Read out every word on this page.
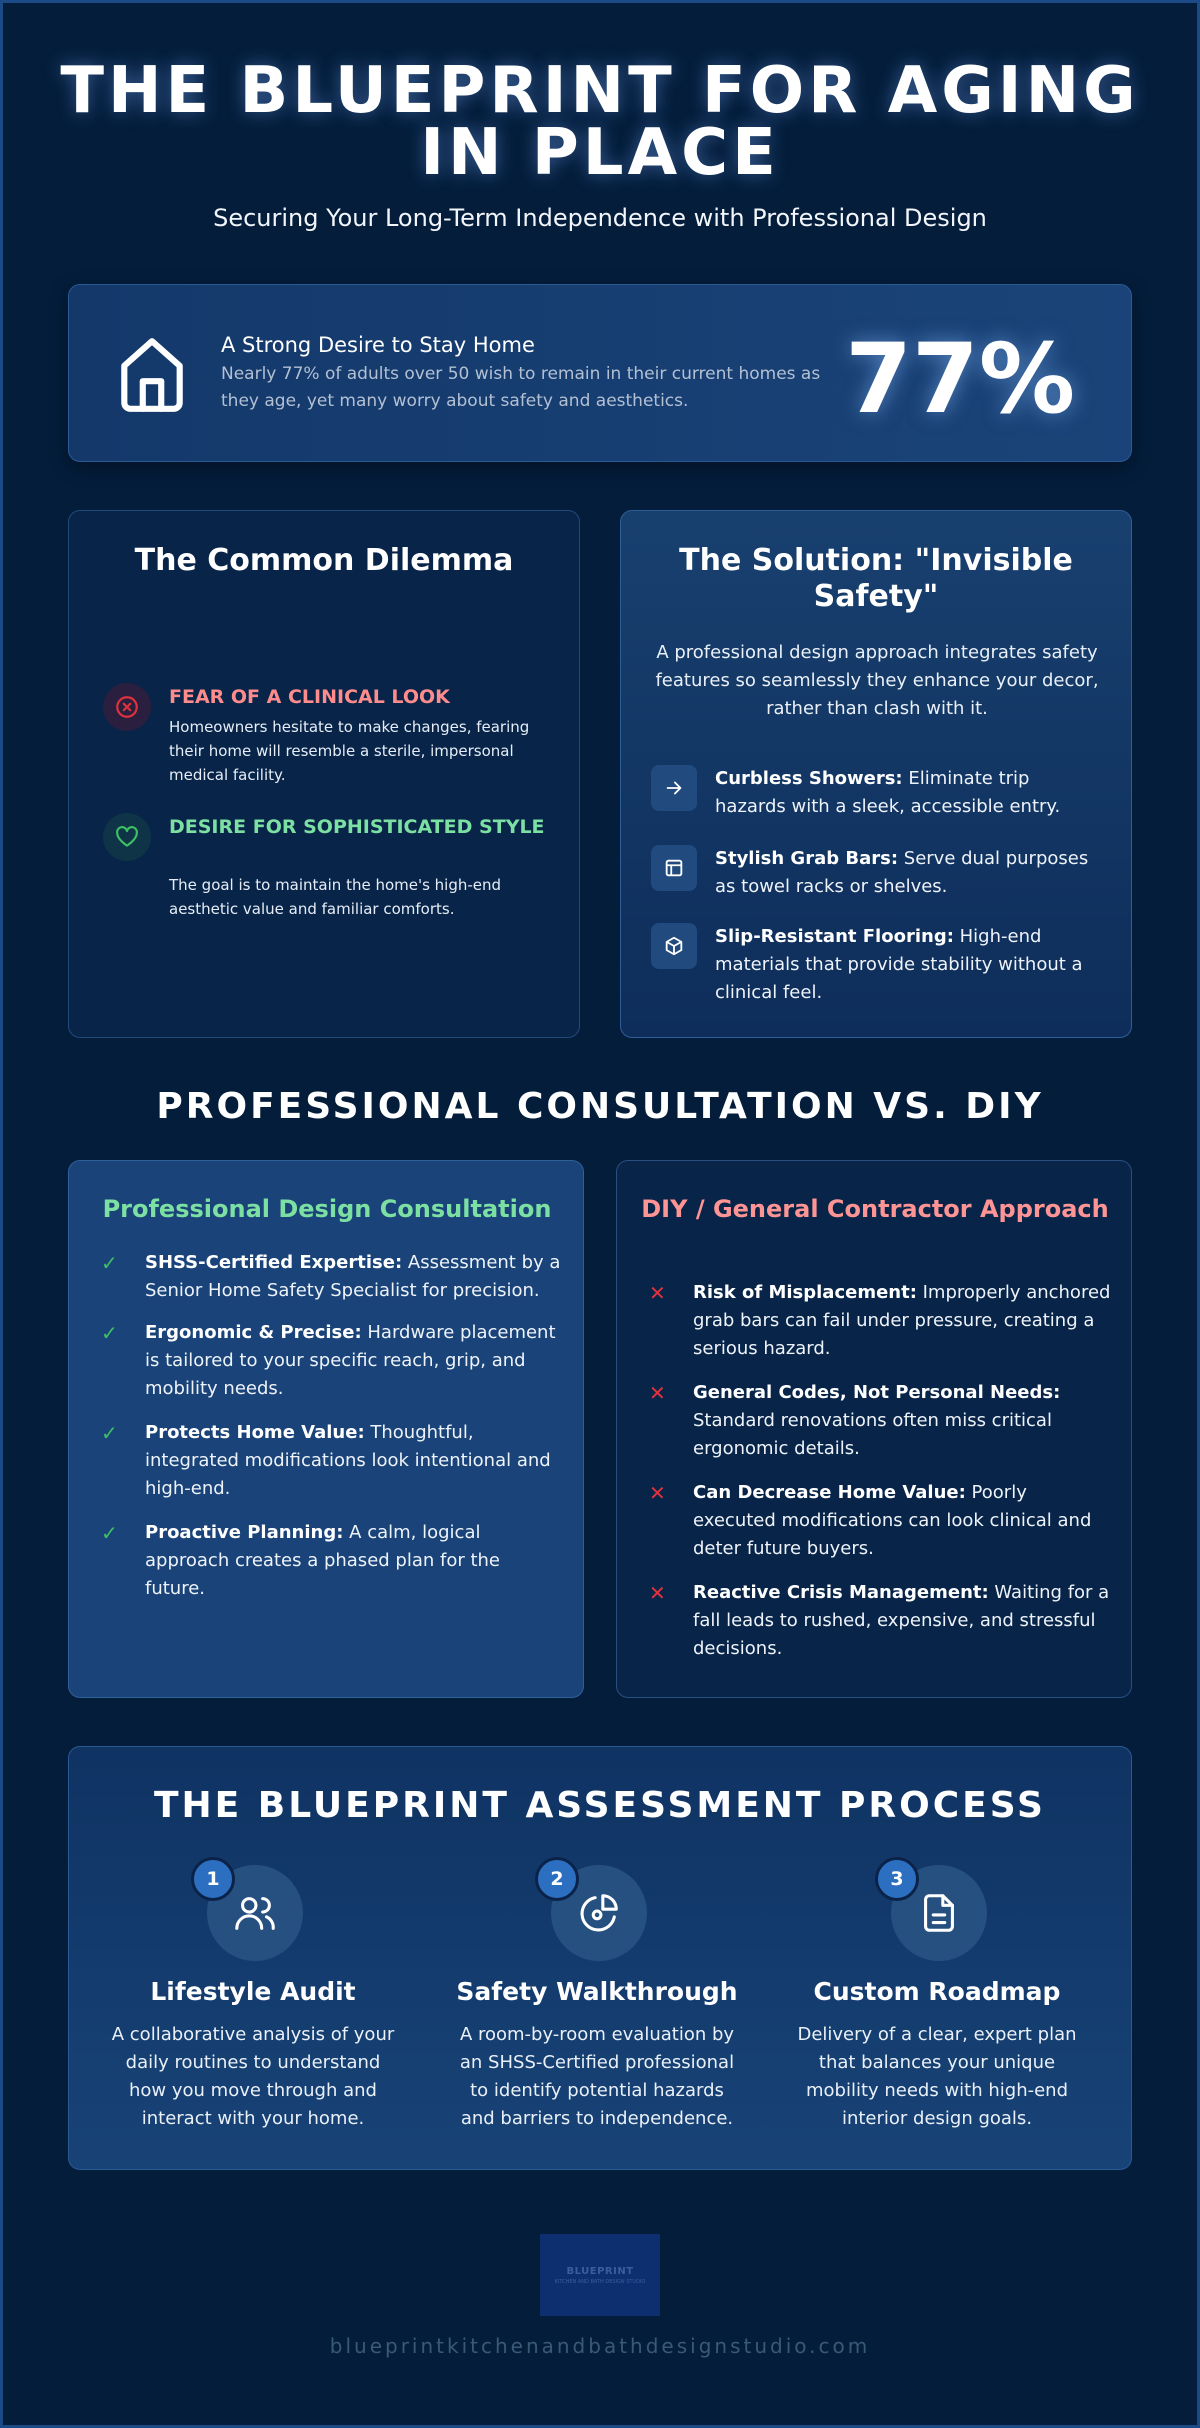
THE BLUEPRINT FOR AGING IN PLACE

Securing Your Long-Term Independence with Professional Design

A Strong Desire to Stay Home
Nearly 77% of adults over 50 wish to remain in their current homes as they age, yet many worry about safety and aesthetics.	77%
The Common Dilemma
FEAR OF A CLINICAL LOOK
Homeowners hesitate to make changes, fearing their home will resemble a sterile, impersonal medical facility.
DESIRE FOR SOPHISTICATED STYLE
The goal is to maintain the home's high-end aesthetic value and familiar comforts.
The Solution: "Invisible Safety"

A professional design approach integrates safety features so seamlessly they enhance your decor, rather than clash with it.

Curbless Showers: Eliminate trip hazards with a sleek, accessible entry.
Stylish Grab Bars: Serve dual purposes as towel racks or shelves.
Slip-Resistant Flooring: High-end materials that provide stability without a clinical feel.
PROFESSIONAL CONSULTATION VS. DIY
Professional Design Consultation
✓	SHSS-Certified Expertise: Assessment by a Senior Home Safety Specialist for precision.
✓	Ergonomic & Precise: Hardware placement is tailored to your specific reach, grip, and mobility needs.
✓	Protects Home Value: Thoughtful, integrated modifications look intentional and high-end.
✓	Proactive Planning: A calm, logical approach creates a phased plan for the future.
DIY / General Contractor Approach
✕	Risk of Misplacement: Improperly anchored grab bars can fail under pressure, creating a serious hazard.
✕	General Codes, Not Personal Needs: Standard renovations often miss critical ergonomic details.
✕	Can Decrease Home Value: Poorly executed modifications can look clinical and deter future buyers.
✕	Reactive Crisis Management: Waiting for a fall leads to rushed, expensive, and stressful decisions.
THE BLUEPRINT ASSESSMENT PROCESS
1
Lifestyle Audit
A collaborative analysis of your daily routines to understand how you move through and interact with your home.
2
Safety Walkthrough
A room-by-room evaluation by an SHSS-Certified professional to identify potential hazards and barriers to independence.
3
Custom Roadmap
Delivery of a clear, expert plan that balances your unique mobility needs with high-end interior design goals.
BLUEPRINT
KITCHEN AND BATH DESIGN STUDIO
blueprintkitchenandbathdesignstudio.com
